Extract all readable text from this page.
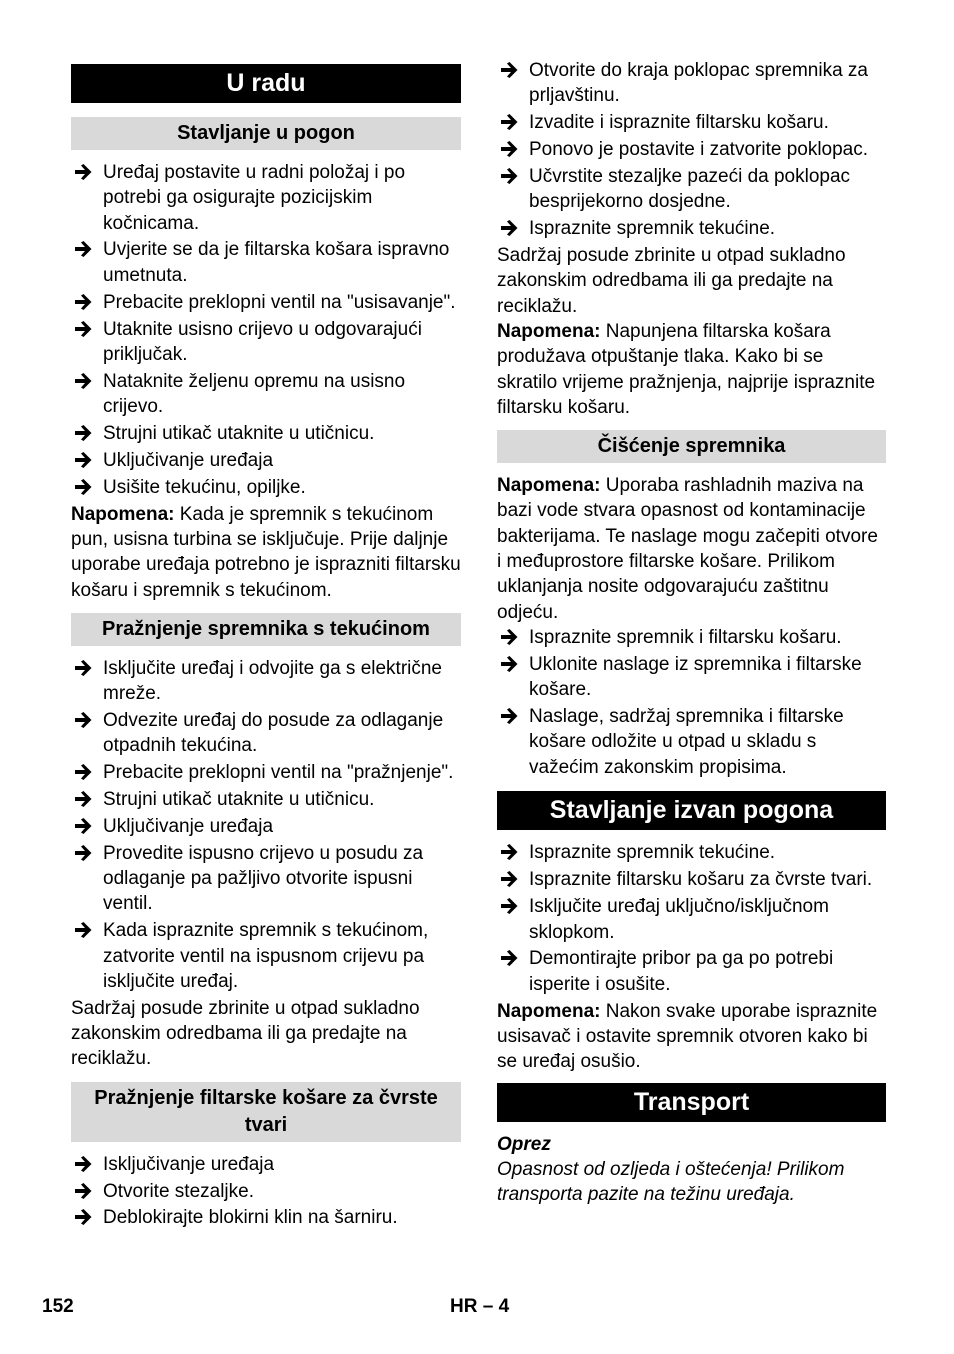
U radu
Stavljanje u pogon
Uređaj postavite u radni položaj i po potrebi ga osigurajte pozicijskim kočnicama.
Uvjerite se da je filtarska košara ispravno umetnuta.
Prebacite preklopni ventil na "usisavanje".
Utaknite usisno crijevo u odgovarajući priključak.
Nataknite željenu opremu na usisno crijevo.
Strujni utikač utaknite u utičnicu.
Uključivanje uređaja
Usišite tekućinu, opiljke.

Napomena: Kada je spremnik s tekućinom pun, usisna turbina se isključuje. Prije daljnje uporabe uređaja potrebno je isprazniti filtarsku košaru i spremnik s tekućinom.

Pražnjenje spremnika s tekućinom
Isključite uređaj i odvojite ga s električne mreže.
Odvezite uređaj do posude za odlaganje otpadnih tekućina.
Prebacite preklopni ventil na "pražnjenje".
Strujni utikač utaknite u utičnicu.
Uključivanje uređaja
Provedite ispusno crijevo u posudu za odlaganje pa pažljivo otvorite ispusni ventil.
Kada ispraznite spremnik s tekućinom, zatvorite ventil na ispusnom crijevu pa isključite uređaj.

Sadržaj posude zbrinite u otpad sukladno zakonskim odredbama ili ga predajte na reciklažu.

Pražnjenje filtarske košare za čvrste tvari
Isključivanje uređaja
Otvorite stezaljke.
Deblokirajte blokirni klin na šarniru.
Otvorite do kraja poklopac spremnika za prljavštinu.
Izvadite i ispraznite filtarsku košaru.
Ponovo je postavite i zatvorite poklopac.
Učvrstite stezaljke pazeći da poklopac besprijekorno dosjedne.
Ispraznite spremnik tekućine.

Sadržaj posude zbrinite u otpad sukladno zakonskim odredbama ili ga predajte na reciklažu.

Napomena: Napunjena filtarska košara produžava otpuštanje tlaka. Kako bi se skratilo vrijeme pražnjenja, najprije ispraznite filtarsku košaru.

Čišćenje spremnika

Napomena: Uporaba rashladnih maziva na bazi vode stvara opasnost od kontaminacije bakterijama. Te naslage mogu začepiti otvore i međuprostore filtarske košare. Prilikom uklanjanja nosite odgovarajuću zaštitnu odjeću.

Ispraznite spremnik i filtarsku košaru.
Uklonite naslage iz spremnika i filtarske košare.
Naslage, sadržaj spremnika i filtarske košare odložite u otpad u skladu s važećim zakonskim propisima.
Stavljanje izvan pogona
Ispraznite spremnik tekućine.
Ispraznite filtarsku košaru za čvrste tvari.
Isključite uređaj uključno/isključnom sklopkom.
Demontirajte pribor pa ga po potrebi isperite i osušite.

Napomena: Nakon svake uporabe ispraznite usisavač i ostavite spremnik otvoren kako bi se uređaj osušio.

Transport

Oprez

Opasnost od ozljeda i oštećenja! Prilikom transporta pazite na težinu uređaja.

152	HR – 4
